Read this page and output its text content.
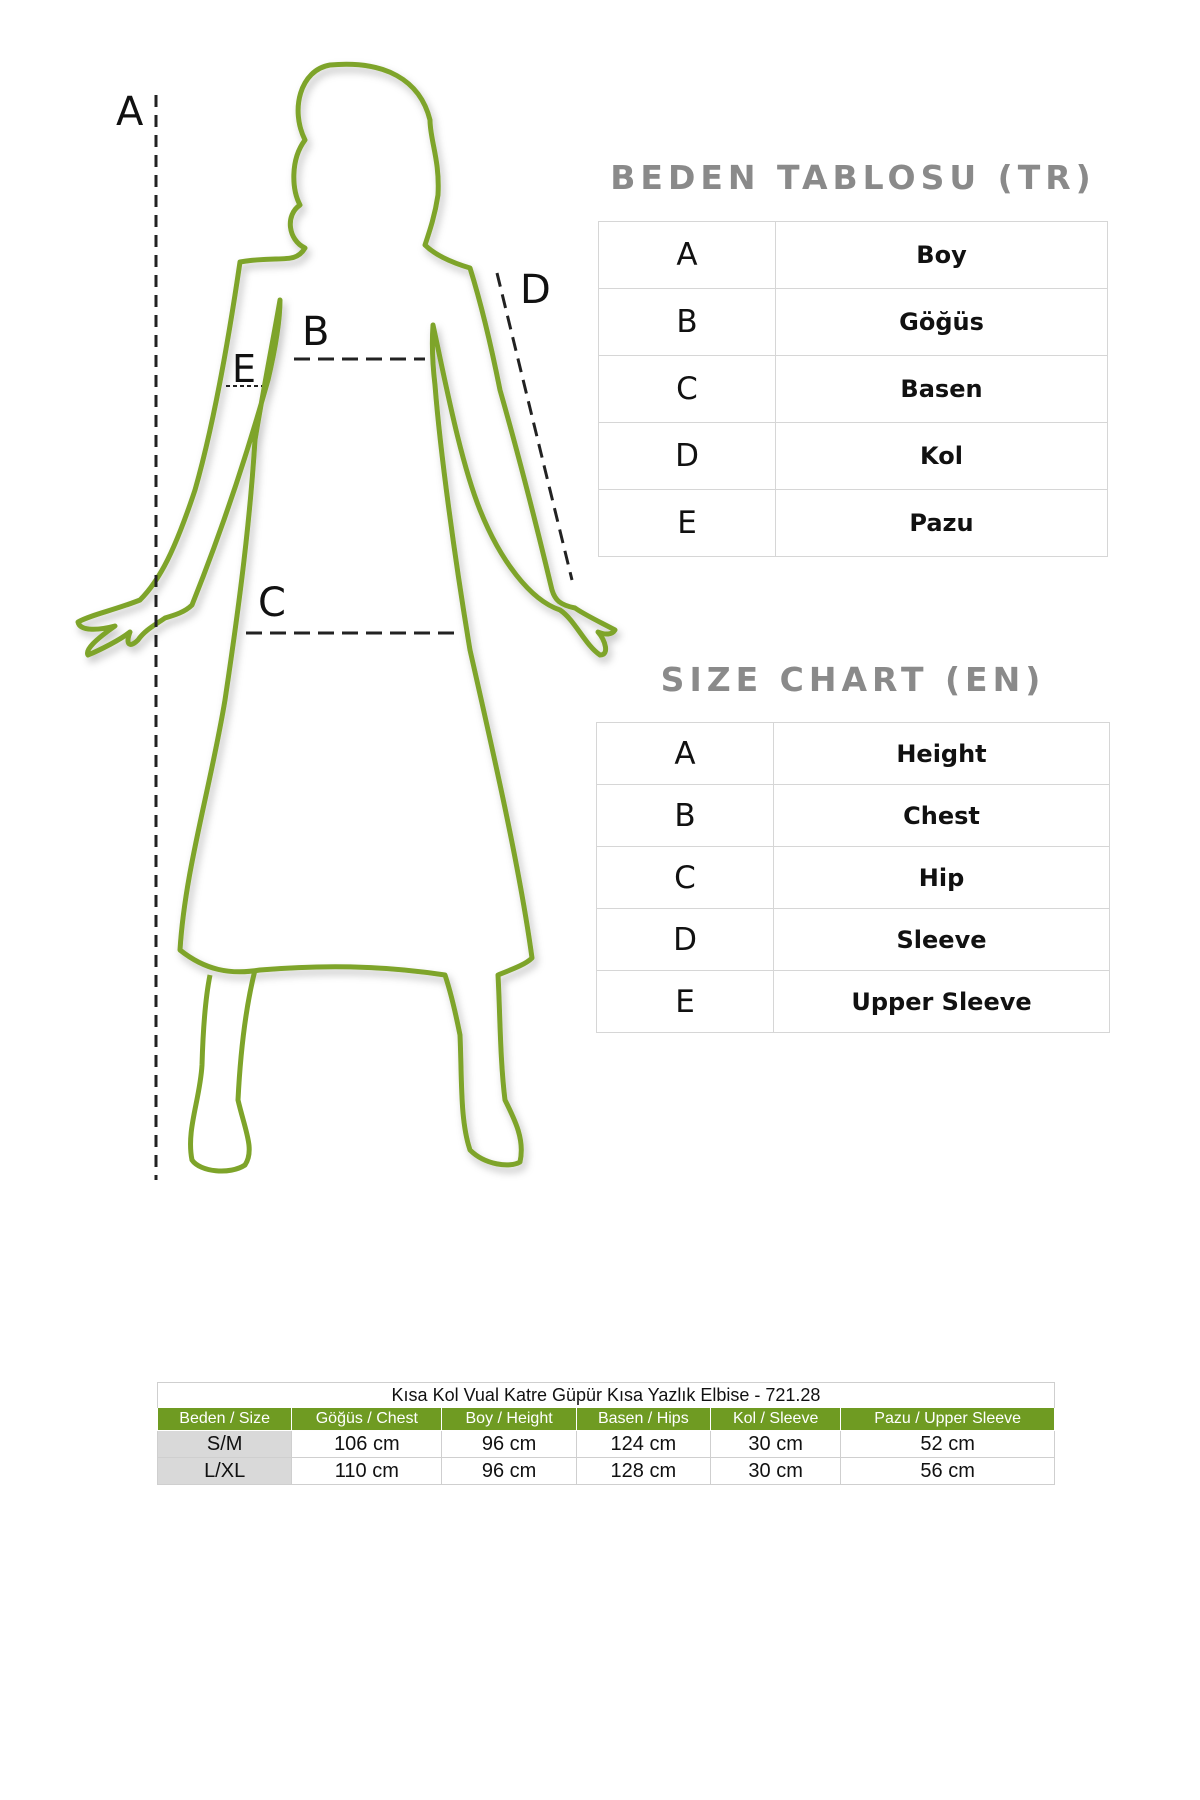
A
B
C
D
E
BEDEN TABLOSU (TR)
A	Boy
B	Göğüs
C	Basen
D	Kol
E	Pazu
SIZE CHART (EN)
A	Height
B	Chest
C	Hip
D	Sleeve
E	Upper Sleeve
Kısa Kol Vual Katre Güpür Kısa Yazlık Elbise - 721.28					
Beden / Size	Göğüs / Chest	Boy / Height	Basen / Hips	Kol / Sleeve	Pazu / Upper Sleeve
S/M	106 cm	96 cm	124 cm	30 cm	52 cm
L/XL	110 cm	96 cm	128 cm	30 cm	56 cm
